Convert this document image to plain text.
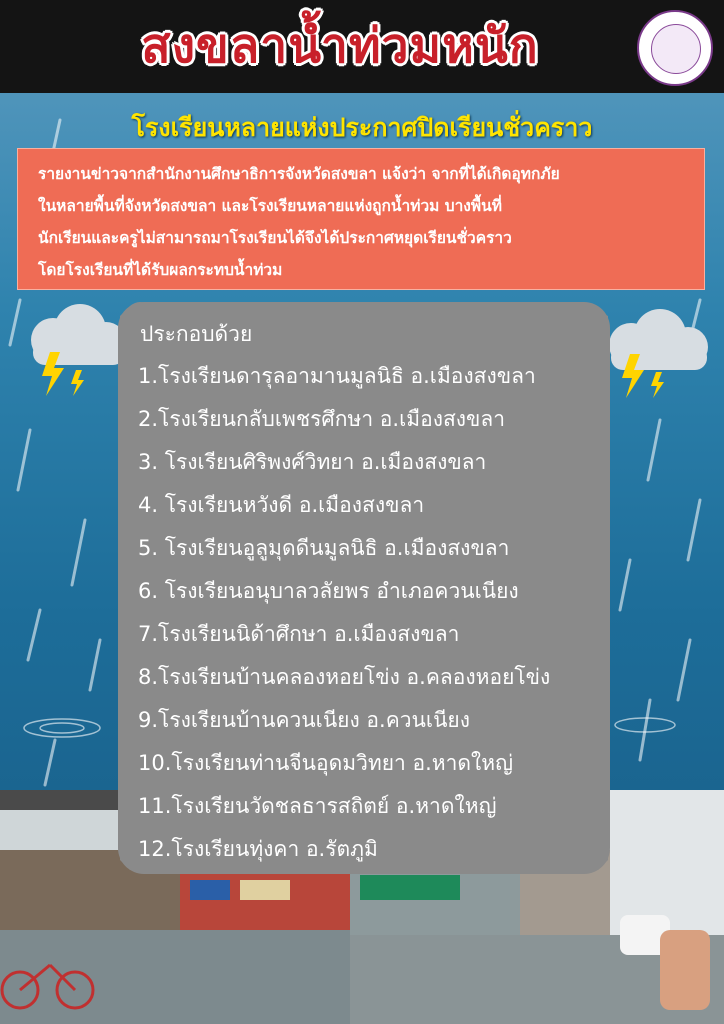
สงขลาน้ำท่วมหนัก
โรงเรียนหลายแห่งประกาศปิดเรียนชั่วคราว

รายงานข่าวจากสำนักงานศึกษาธิการจังหวัดสงขลา แจ้งว่า จากที่ได้เกิดอุทกภัย

ในหลายพื้นที่จังหวัดสงขลา และโรงเรียนหลายแห่งถูกน้ำท่วม บางพื้นที่

นักเรียนและครูไม่สามารถมาโรงเรียนได้จึงได้ประกาศหยุดเรียนชั่วคราว

โดยโรงเรียนที่ได้รับผลกระทบน้ำท่วม

ประกอบด้วย
1.โรงเรียนดารุลอามานมูลนิธิ อ.เมืองสงขลา
2.โรงเรียนกลับเพชรศึกษา อ.เมืองสงขลา
3. โรงเรียนศิริพงศ์วิทยา อ.เมืองสงขลา
4. โรงเรียนหวังดี อ.เมืองสงขลา
5. โรงเรียนอูลูมุดดีนมูลนิธิ อ.เมืองสงขลา
6. โรงเรียนอนุบาลวลัยพร อำเภอควนเนียง
7.โรงเรียนนิด้าศึกษา อ.เมืองสงขลา
8.โรงเรียนบ้านคลองหอยโข่ง อ.คลองหอยโข่ง
9.โรงเรียนบ้านควนเนียง อ.ควนเนียง
10.โรงเรียนท่านจีนอุดมวิทยา อ.หาดใหญ่
11.โรงเรียนวัดชลธารสถิตย์ อ.หาดใหญ่
12.โรงเรียนทุ่งคา อ.รัตภูมิ
